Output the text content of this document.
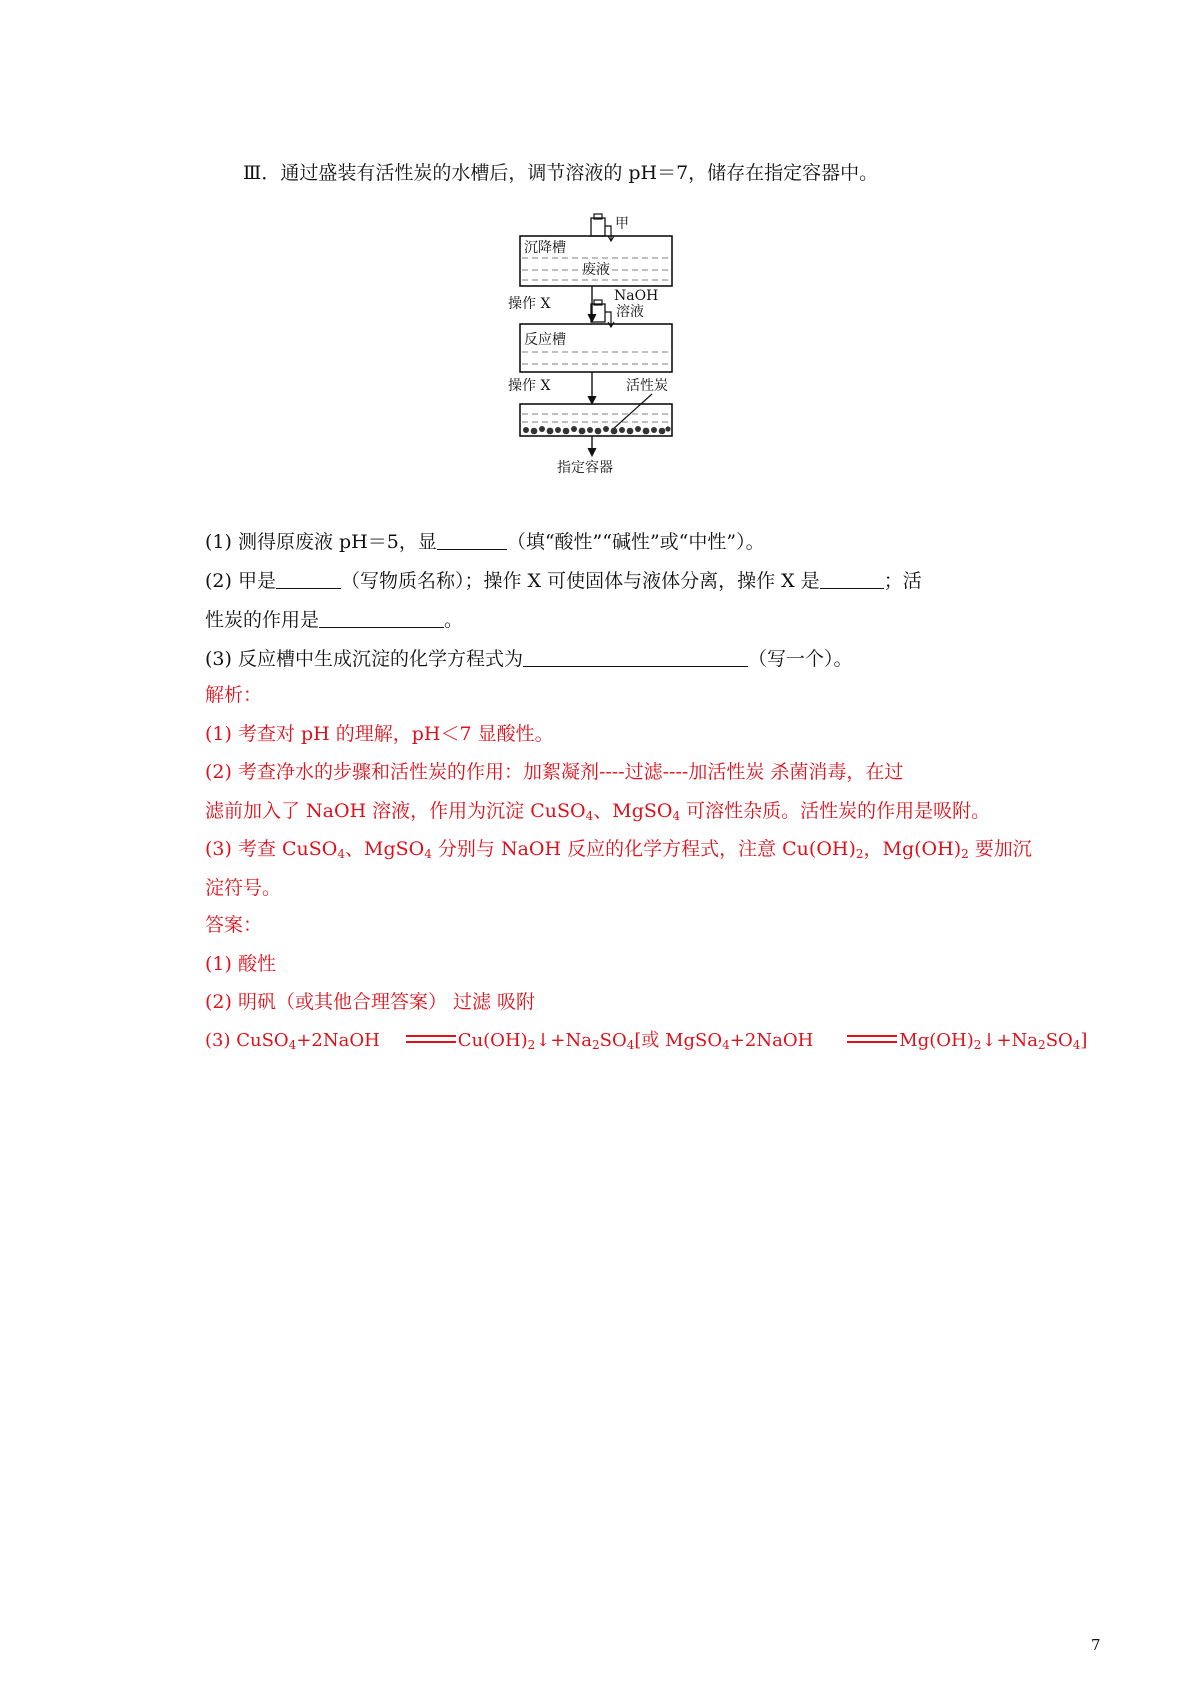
Ⅲ．通过盛装有活性炭的水槽后，调节溶液的 pH＝7，储存在指定容器中。
甲
沉降槽
废液
操作 X	NaOH
溶液
反应槽
操作 X	活性炭
指定容器
(1) 测得原废液 pH＝5，显	（填“酸性”“碱性”或“中性”）。
(2) 甲是	（写物质名称）；操作 X 可使固体与液体分离，操作 X 是	；活
性炭的作用是	。
(3) 反应槽中生成沉淀的化学方程式为	（写一个）。
解析：
(1) 考查对 pH 的理解，pH＜7 显酸性。
(2) 考查净水的步骤和活性炭的作用：加絮凝剂----过滤----加活性炭 杀菌消毒，在过
滤前加入了 NaOH 溶液，作用为沉淀 CuSO$_4$、MgSO$_4$ 可溶性杂质。活性炭的作用是吸附。
(3) 考查 CuSO$_4$、MgSO$_4$ 分别与 NaOH 反应的化学方程式，注意 $Cu(OH)_2$，$Mg(OH)_2$ 要加沉
淀符号。
答案：
(1) 酸性
(2) 明矾（或其他合理答案） 过滤 吸附
(3) CuSO$_4$+2NaOH	$Cu(OH)_2↓+Na_2SO_4$[或 MgSO$_4$+2NaOH	$Mg(OH)_2↓+Na_2SO_4$]
7
